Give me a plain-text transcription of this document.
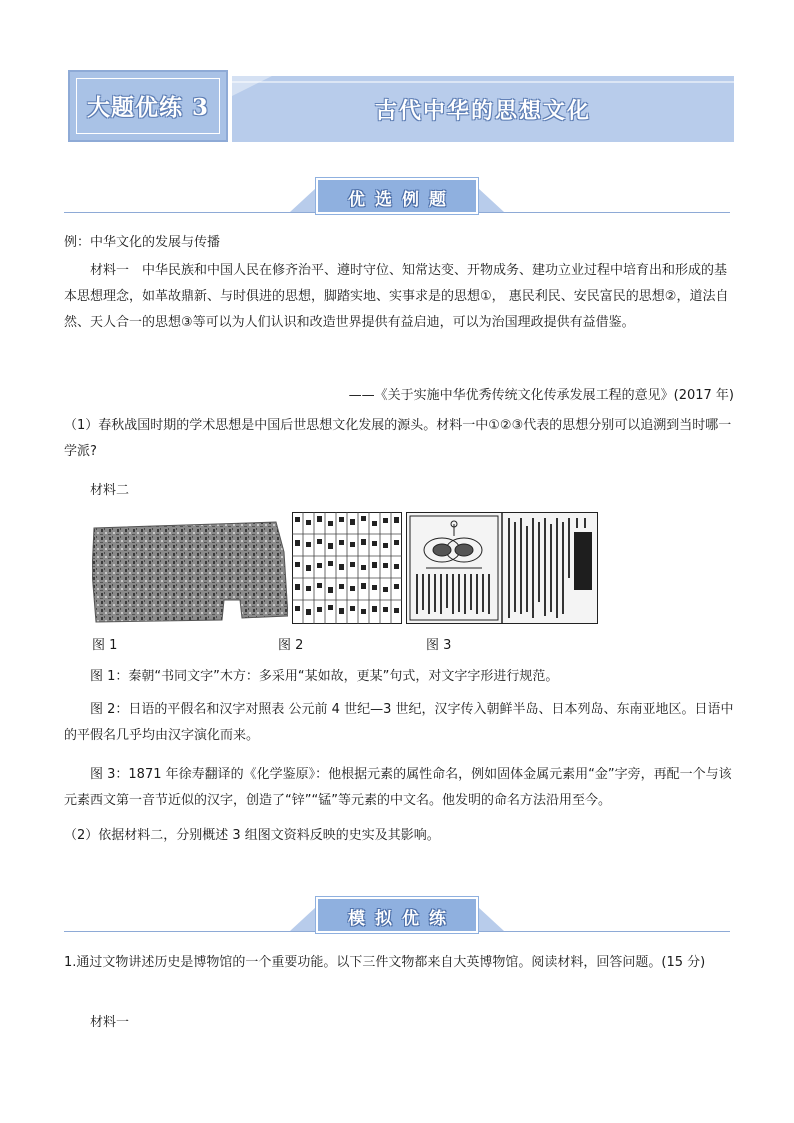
大题优练 3	古代中华的思想文化
优选例题
例：中华文化的发展与传播
材料一　中华民族和中国人民在修齐治平、遵时守位、知常达变、开物成务、建功立业过程中培育出和形成的基本思想理念，如革故鼎新、与时俱进的思想，脚踏实地、实事求是的思想①， 惠民利民、安民富民的思想②，道法自然、天人合一的思想③等可以为人们认识和改造世界提供有益启迪，可以为治国理政提供有益借鉴。
——《关于实施中华优秀传统文化传承发展工程的意见》(2017 年)
（1）春秋战国时期的学术思想是中国后世思想文化发展的源头。材料一中①②③代表的思想分别可以追溯到当时哪一学派?
材料二
图 1	图 2	图 3
图 1：秦朝“书同文字”木方：多采用“某如故，更某”句式，对文字字形进行规范。
图 2：日语的平假名和汉字对照表 公元前 4 世纪—3 世纪，汉字传入朝鲜半岛、日本列岛、东南亚地区。日语中的平假名几乎均由汉字演化而来。
图 3：1871 年徐寿翻译的《化学鉴原》：他根据元素的属性命名，例如固体金属元素用“金”字旁，再配一个与该元素西文第一音节近似的汉字，创造了“锌”“锰”等元素的中文名。他发明的命名方法沿用至今。
（2）依据材料二，分别概述 3 组图文资料反映的史实及其影响。
模拟优练
1.通过文物讲述历史是博物馆的一个重要功能。以下三件文物都来自大英博物馆。阅读材料，回答问题。(15 分)
材料一
